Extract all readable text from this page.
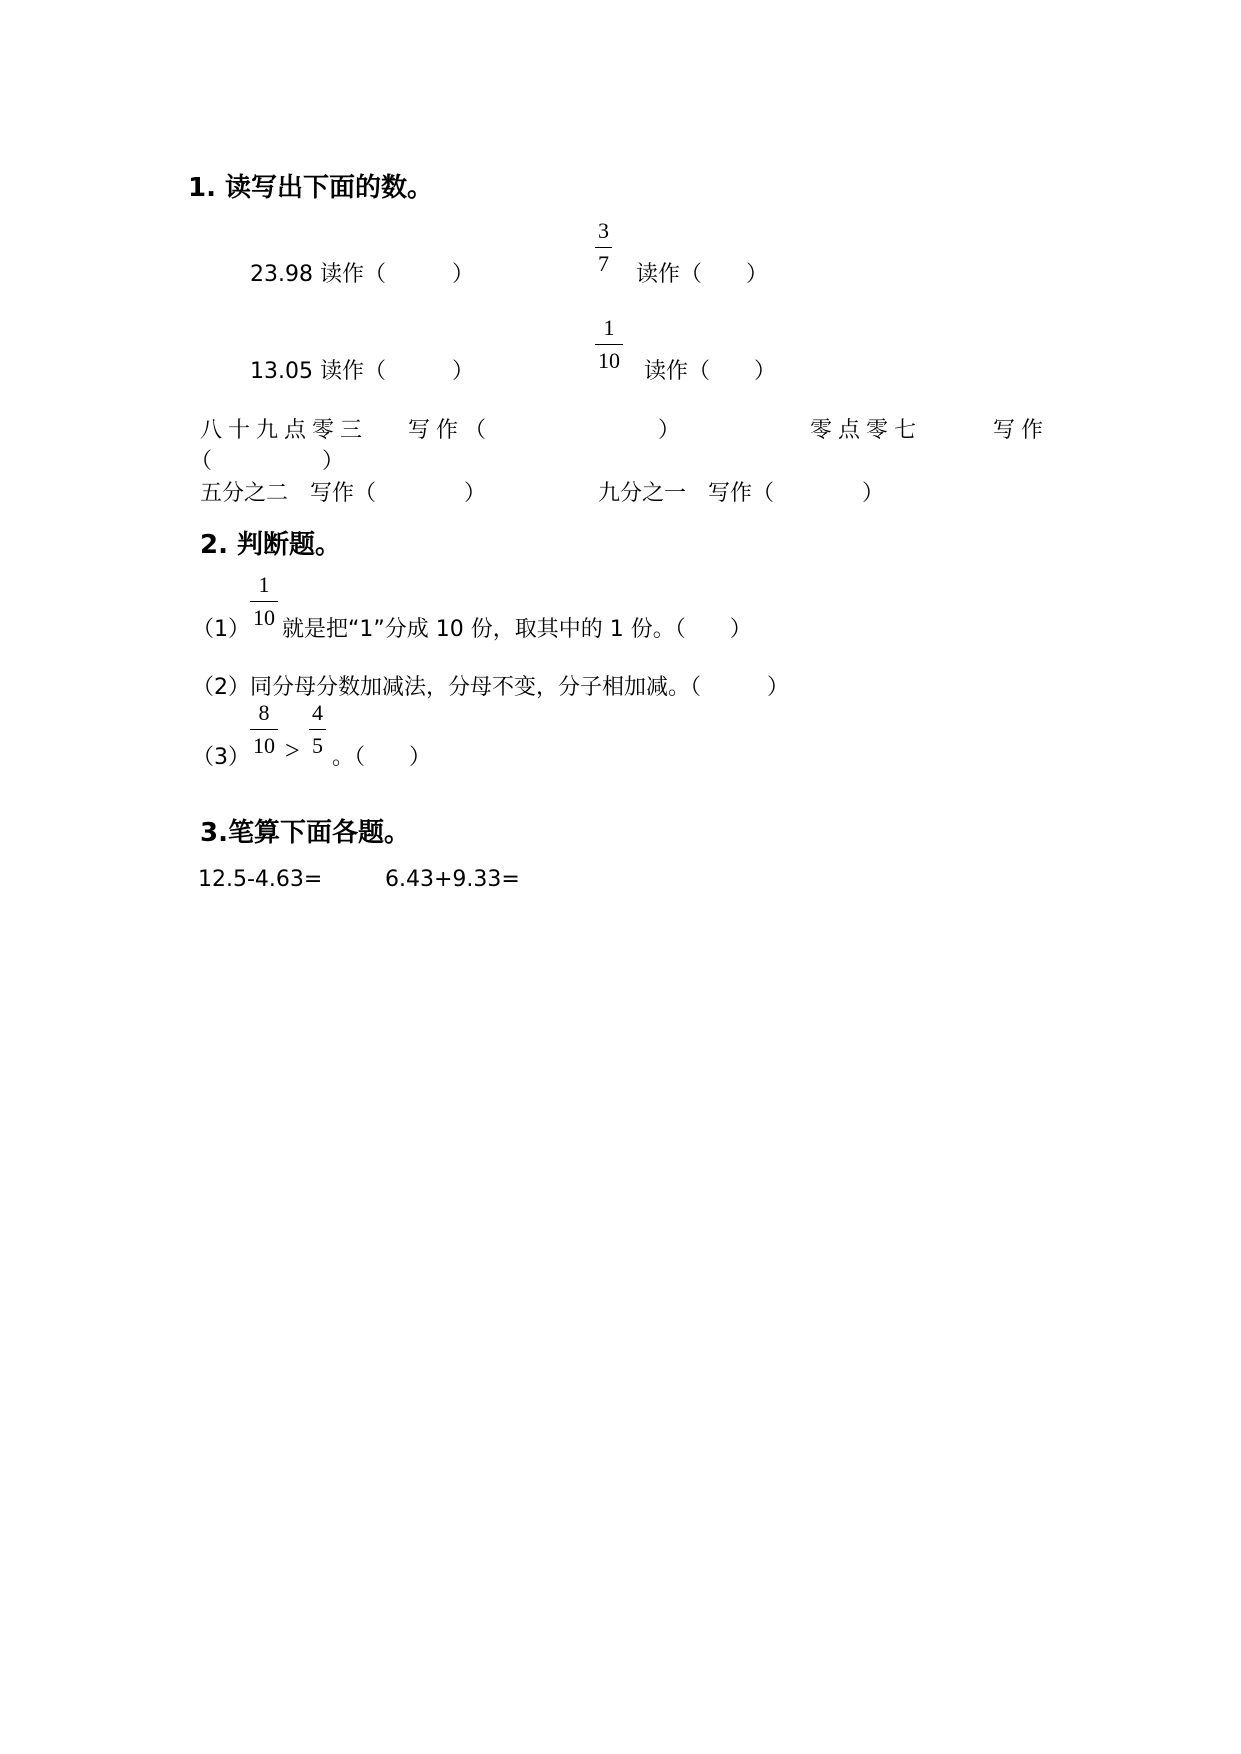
1. 读写出下面的数。
23.98 读作（　　　）
3
7 读作（　　）
13.05 读作（　　　）
1
10 读作（　　）
八十九点零三 写作（	）	零点零七	写作
（　　　　　）
五分之二　写作（　　　　）	九分之一　写作（　　　　）
2. 判断题。
（1）
1
10 就是把“1”分成 10 份，取其中的 1 份。（　　）
（2）同分母分数加减法，分母不变，分子相加减。（　　　）
（3）
8
10 >
4
5 。（　　）
3.笔算下面各题。
12.5-4.63=	6.43+9.33=
